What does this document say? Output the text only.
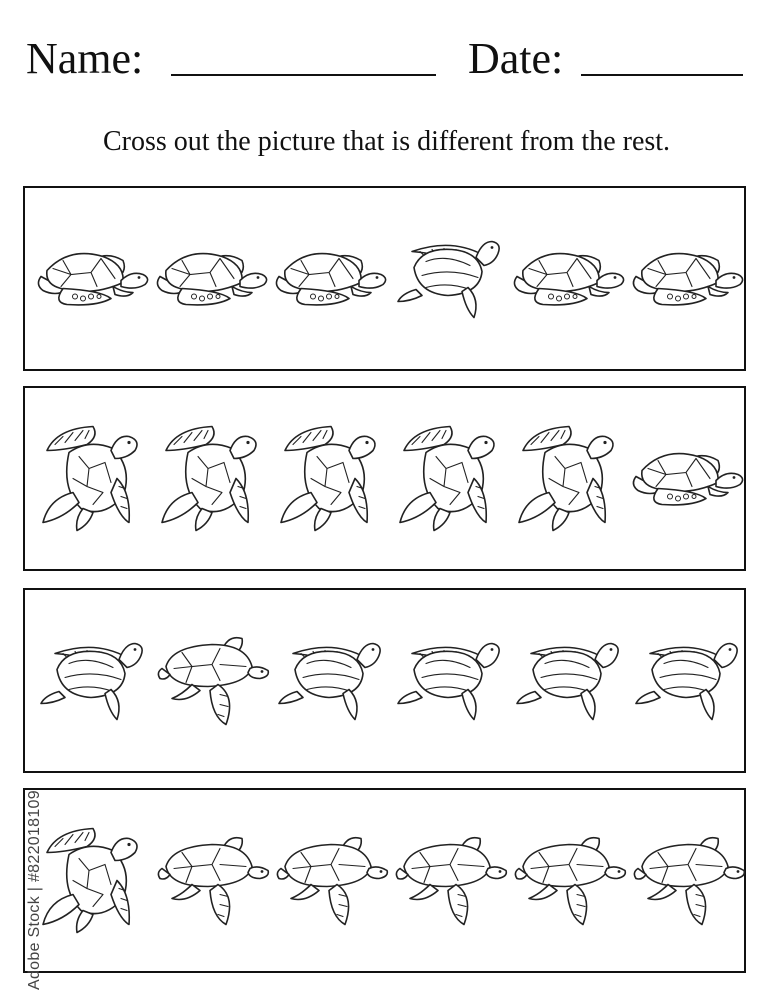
Name:	Date:
Cross out the picture that is different from the rest.
Adobe Stock | #822018109
